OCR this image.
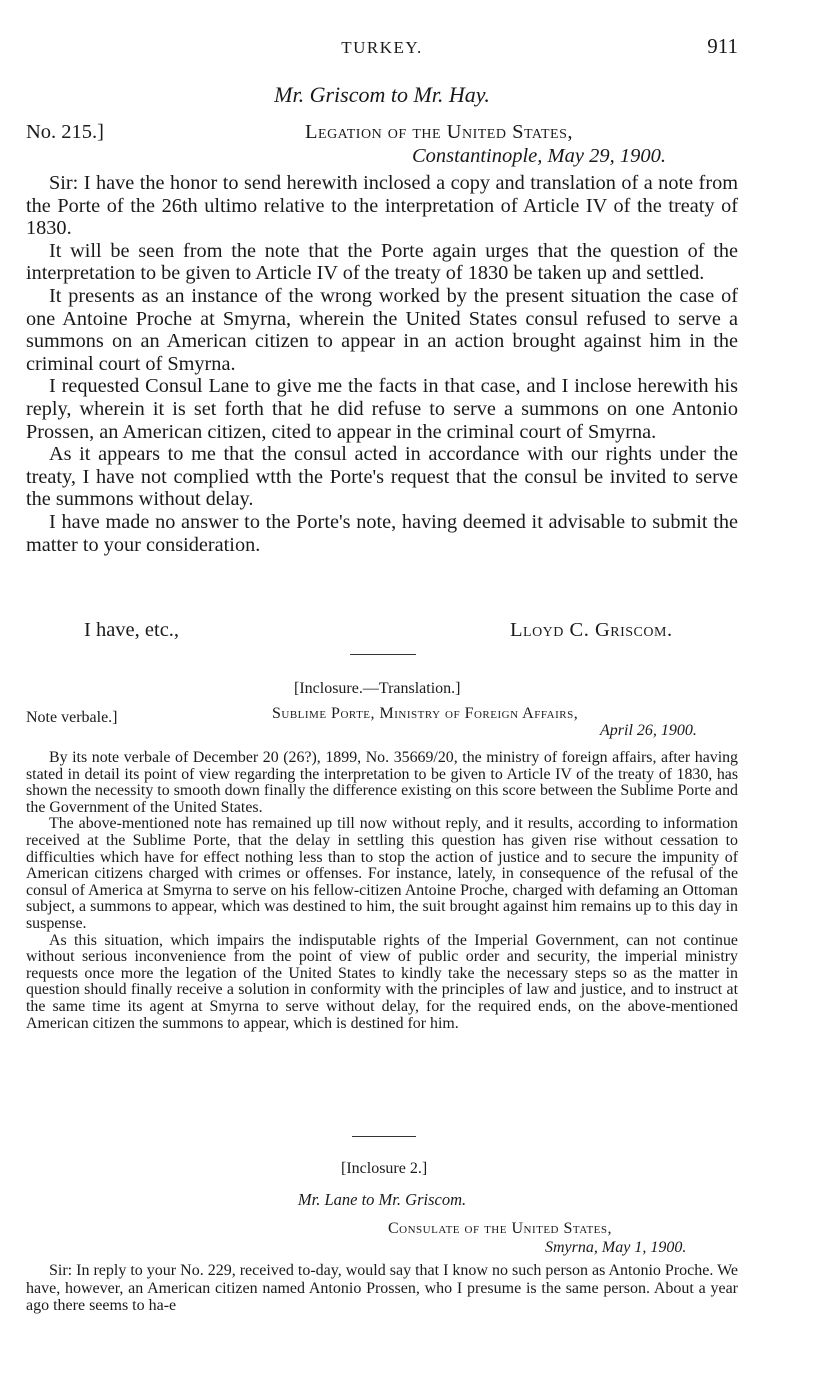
TURKEY.	911
Mr. Griscom to Mr. Hay.
No. 215.]	Legation of the United States,
Constantinople, May 29, 1900.

Sir: I have the honor to send herewith inclosed a copy and translation of a note from the Porte of the 26th ultimo relative to the interpretation of Article IV of the treaty of 1830.

It will be seen from the note that the Porte again urges that the question of the interpretation to be given to Article IV of the treaty of 1830 be taken up and settled.

It presents as an instance of the wrong worked by the present situation the case of one Antoine Proche at Smyrna, wherein the United States consul refused to serve a summons on an American citizen to appear in an action brought against him in the criminal court of Smyrna.

I requested Consul Lane to give me the facts in that case, and I inclose herewith his reply, wherein it is set forth that he did refuse to serve a summons on one Antonio Prossen, an American citizen, cited to appear in the criminal court of Smyrna.

As it appears to me that the consul acted in accordance with our rights under the treaty, I have not complied wtth the Porte's request that the consul be invited to serve the summons without delay.

I have made no answer to the Porte's note, having deemed it advisable to submit the matter to your consideration.

I have, etc.,	Lloyd C. Griscom.
[Inclosure.—Translation.]
Note verbale.]	Sublime Porte, Ministry of Foreign Affairs,
April 26, 1900.

By its note verbale of December 20 (26?), 1899, No. 35669/20, the ministry of foreign affairs, after having stated in detail its point of view regarding the interpretation to be given to Article IV of the treaty of 1830, has shown the necessity to smooth down finally the difference existing on this score between the Sublime Porte and the Government of the United States.

The above-mentioned note has remained up till now without reply, and it results, according to information received at the Sublime Porte, that the delay in settling this question has given rise without cessation to difficulties which have for effect nothing less than to stop the action of justice and to secure the impunity of American citizens charged with crimes or offenses. For instance, lately, in consequence of the refusal of the consul of America at Smyrna to serve on his fellow-citizen Antoine Proche, charged with defaming an Ottoman subject, a summons to appear, which was destined to him, the suit brought against him remains up to this day in suspense.

As this situation, which impairs the indisputable rights of the Imperial Government, can not continue without serious inconvenience from the point of view of public order and security, the imperial ministry requests once more the legation of the United States to kindly take the necessary steps so as the matter in question should finally receive a solution in conformity with the principles of law and justice, and to instruct at the same time its agent at Smyrna to serve without delay, for the required ends, on the above-mentioned American citizen the summons to appear, which is destined for him.

[Inclosure 2.]
Mr. Lane to Mr. Griscom.
Consulate of the United States,
Smyrna, May 1, 1900.

Sir: In reply to your No. 229, received to-day, would say that I know no such person as Antonio Proche. We have, however, an American citizen named Antonio Prossen, who I presume is the same person. About a year ago there seems to ha-e
